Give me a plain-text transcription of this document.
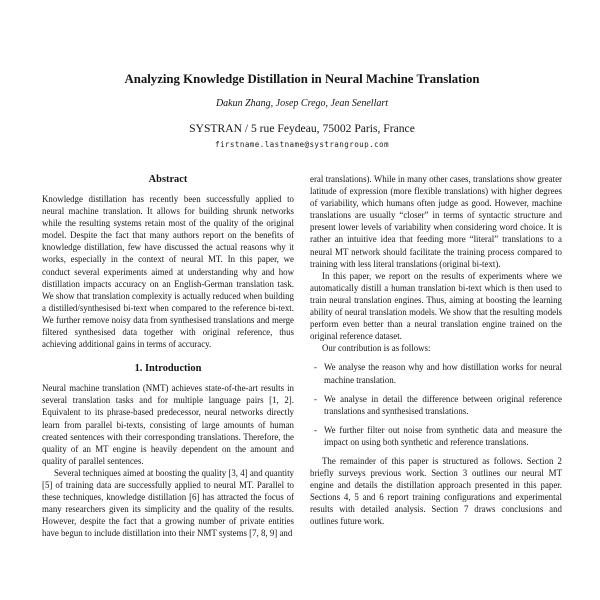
Analyzing Knowledge Distillation in Neural Machine Translation
Dakun Zhang, Josep Crego, Jean Senellart
SYSTRAN / 5 rue Feydeau, 75002 Paris, France
firstname.lastname@systrangroup.com
Abstract

Knowledge distillation has recently been successfully applied to neural machine translation. It allows for building shrunk networks while the resulting systems retain most of the quality of the original model. Despite the fact that many authors report on the benefits of knowledge distillation, few have discussed the actual reasons why it works, especially in the context of neural MT. In this paper, we conduct several experiments aimed at understanding why and how distillation impacts accuracy on an English-German translation task. We show that translation complexity is actually reduced when building a distilled/synthesised bi-text when compared to the reference bi-text. We further remove noisy data from synthesised translations and merge filtered synthesised data together with original reference, thus achieving additional gains in terms of accuracy.

1. Introduction

Neural machine translation (NMT) achieves state-of-the-art results in several translation tasks and for multiple language pairs [1, 2]. Equivalent to its phrase-based predecessor, neural networks directly learn from parallel bi-texts, consisting of large amounts of human created sentences with their corresponding translations. Therefore, the quality of an MT engine is heavily dependent on the amount and quality of parallel sentences.

Several techniques aimed at boosting the quality [3, 4] and quantity [5] of training data are successfully applied to neural MT. Parallel to these techniques, knowledge distillation [6] has attracted the focus of many researchers given its simplicity and the quality of the results. However, despite the fact that a growing number of private entities have begun to include distillation into their NMT systems [7, 8, 9] and

eral translations). While in many other cases, translations show greater latitude of expression (more flexible translations) with higher degrees of variability, which humans often judge as good. However, machine translations are usually “closer” in terms of syntactic structure and present lower levels of variability when considering word choice. It is rather an intuitive idea that feeding more “literal” translations to a neural MT network should facilitate the training process compared to training with less literal translations (original bi-text).

In this paper, we report on the results of experiments where we automatically distill a human translation bi-text which is then used to train neural translation engines. Thus, aiming at boosting the learning ability of neural translation models. We show that the resulting models perform even better than a neural translation engine trained on the original reference dataset.

Our contribution is as follows:

- We analyse the reason why and how distillation works for neural machine translation.
- We analyse in detail the difference between original reference translations and synthesised translations.
- We further filter out noise from synthetic data and measure the impact on using both synthetic and reference translations.

The remainder of this paper is structured as follows. Section 2 briefly surveys previous work. Section 3 outlines our neural MT engine and details the distillation approach presented in this paper. Sections 4, 5 and 6 report training configurations and experimental results with detailed analysis. Section 7 draws conclusions and outlines future work.
